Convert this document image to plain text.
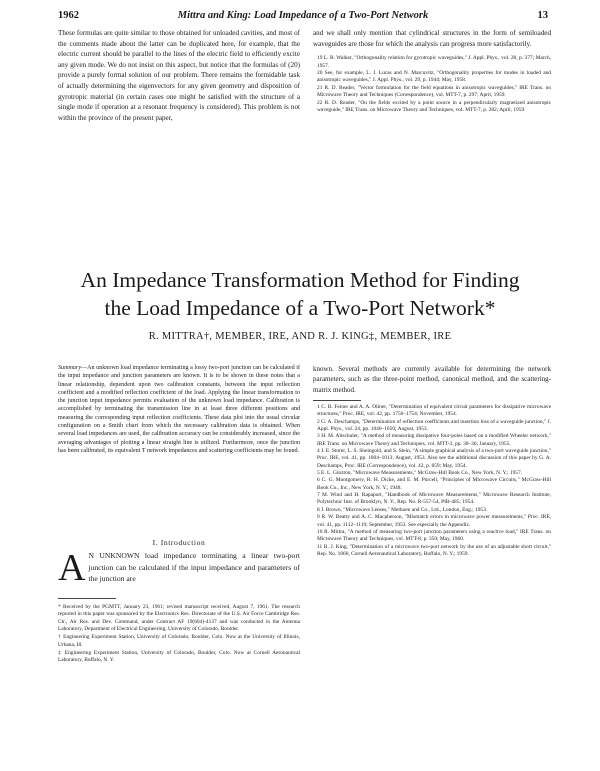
1962	Mittra and King: Load Impedance of a Two-Port Network	13
These formulas are quite similar to those obtained for unloaded cavities, and most of the comments made about the latter can be duplicated here, for example, that the electric current should be parallel to the lines of the electric field to efficiently excite any given mode. We do not insist on this aspect, but notice that the formulas of (20) provide a purely formal solution of our problem. There remains the formidable task of actually determining the eigenvectors for any given geometry and disposition of gyrotropic material (in certain cases one might be satisfied with the structure of a single mode if operation at a resonant frequency is considered). This problem is not within the province of the present paper,

and we shall only mention that cylindrical structures in the form of semiloaded waveguides are those for which the analysis can progress more satisfactorily.

19 L. R. Walker, "Orthogonality relation for gyrotropic waveguides," J. Appl. Phys., vol. 28, p. 377; March, 1957.
20 See, for example, L. J. Lucas and N. Marcuvitz, "Orthogonality properties for modes in loaded and anisotropic waveguides," J. Appl. Phys., vol. 29, p. 1944; May, 1958.
21 R. D. Reader, "Vector formulation for the field equations in anisotropic waveguides," IRE Trans. on Microwave Theory and Techniques (Correspondence), vol. MTT-7, p. 297; April, 1959.
22 R. D. Reader, "On the fields excited by a point source in a perpendicularly magnetized anisotropic waveguide," IRE Trans. on Microwave Theory and Techniques, vol. MTT-7, p. 282; April, 1959.
An Impedance Transformation Method for Finding
the Load Impedance of a Two-Port Network*
R. MITTRA†, MEMBER, IRE, AND R. J. KING‡, MEMBER, IRE
Summary—An unknown load impedance terminating a lossy two-port junction can be calculated if the input impedance and junction parameters are known. It is to be shown in these notes that a linear relationship, dependent upon two calibration constants, between the input reflection coefficient and a modified reflection coefficient of the load. Applying the linear transformation to the junction input impedance permits evaluation of the unknown load impedance. Calibration is accomplished by terminating the transmission line in at least three different positions and measuring the corresponding input reflection coefficients. These data plot into the usual circular configuration on a Smith chart from which the necessary calibration data is obtained. When several load impedances are used, the calibration accuracy can be considerably increased, since the averaging advantages of plotting a linear straight line is utilized. Furthermore, once the junction has been calibrated, its equivalent T network impedances and scattering coefficients may be found.
known. Several methods are currently available for determining the network parameters, such as the three-point method, canonical method, and the scattering-matrix method.
1 C. B. Feiner and A. A. Oliner, "Determination of equivalent circuit parameters for dissipative microwave structures," Proc. IRE, vol. 42, pp. 1750–1754; November, 1954.
2 G. A. Deschamps, "Determination of reflection coefficients and insertion loss of a waveguide junction," J. Appl. Phys., vol. 24, pp. 1046–1050; August, 1953.
3 H. M. Altschuler, "A method of measuring dissipative four-poles based on a modified Wheeler network," IRE Trans. on Microwave Theory and Techniques, vol. MTT-3, pp. 30–36; January, 1955.
4 J. E. Storer, L. S. Sheingold, and S. Stein, "A simple graphical analysis of a two-port waveguide junction," Proc. IRE, vol. 41, pp. 1004–1013; August, 1953. Also see the additional discussion of this paper by G. A. Deschamps, Proc. IRE (Correspondence), vol. 42, p. 859; May, 1954.
5 E. L. Ginzton, "Microwave Measurements," McGraw-Hill Book Co., New York, N. Y.; 1957.
6 C. G. Montgomery, R. H. Dicke, and E. M. Purcell, "Principles of Microwave Circuits," McGraw-Hill Book Co., Inc., New York, N. Y.; 1948.
7 M. Wind and H. Rapaport, "Handbook of Microwave Measurements," Microwave Research Institute, Polytechnic Inst. of Brooklyn, N. Y., Rep. No. R-557-54, PIB-485; 1954.
8 J. Brown, "Microwave Lenses," Methuen and Co., Ltd., London, Eng.; 1953.
9 R. W. Beatty and A. C. Macpherson, "Mismatch errors in microwave power measurements," Proc. IRE, vol. 41, pp. 1112–1119; September, 1953. See especially the Appendix.
10 R. Mittra, "A method of measuring two-port junction parameters using a reactive load," IRE Trans. on Microwave Theory and Techniques, vol. MTT-8, p. 350; May, 1960.
11 R. J. King, "Determination of a microwave two-port network by the use of an adjustable short circuit," Rep. No. 1060, Cornell Aeronautical Laboratory, Buffalo, N. Y.; 1959.
I. Introduction
A N UNKNOWN load impedance terminating a linear two-port junction can be calculated if the input impedance and parameters of the junction are

* Received by the PGMTT, January 23, 1961; revised manuscript received, August 7, 1961. The research reported in this paper was sponsored by the Electronics Res. Directorate of the U.S. Air Force Cambridge Res. Ctr., Air Res. and Dev. Command, under Contract AF 19(604)-4137 and was conducted in the Antenna Laboratory, Department of Electrical Engineering, University of Colorado, Boulder.

† Engineering Experiment Station, University of Colorado, Boulder, Colo. Now at the University of Illinois, Urbana, Ill.

‡ Engineering Experiment Station, University of Colorado, Boulder, Colo. Now at Cornell Aeronautical Laboratory, Buffalo, N. Y.
